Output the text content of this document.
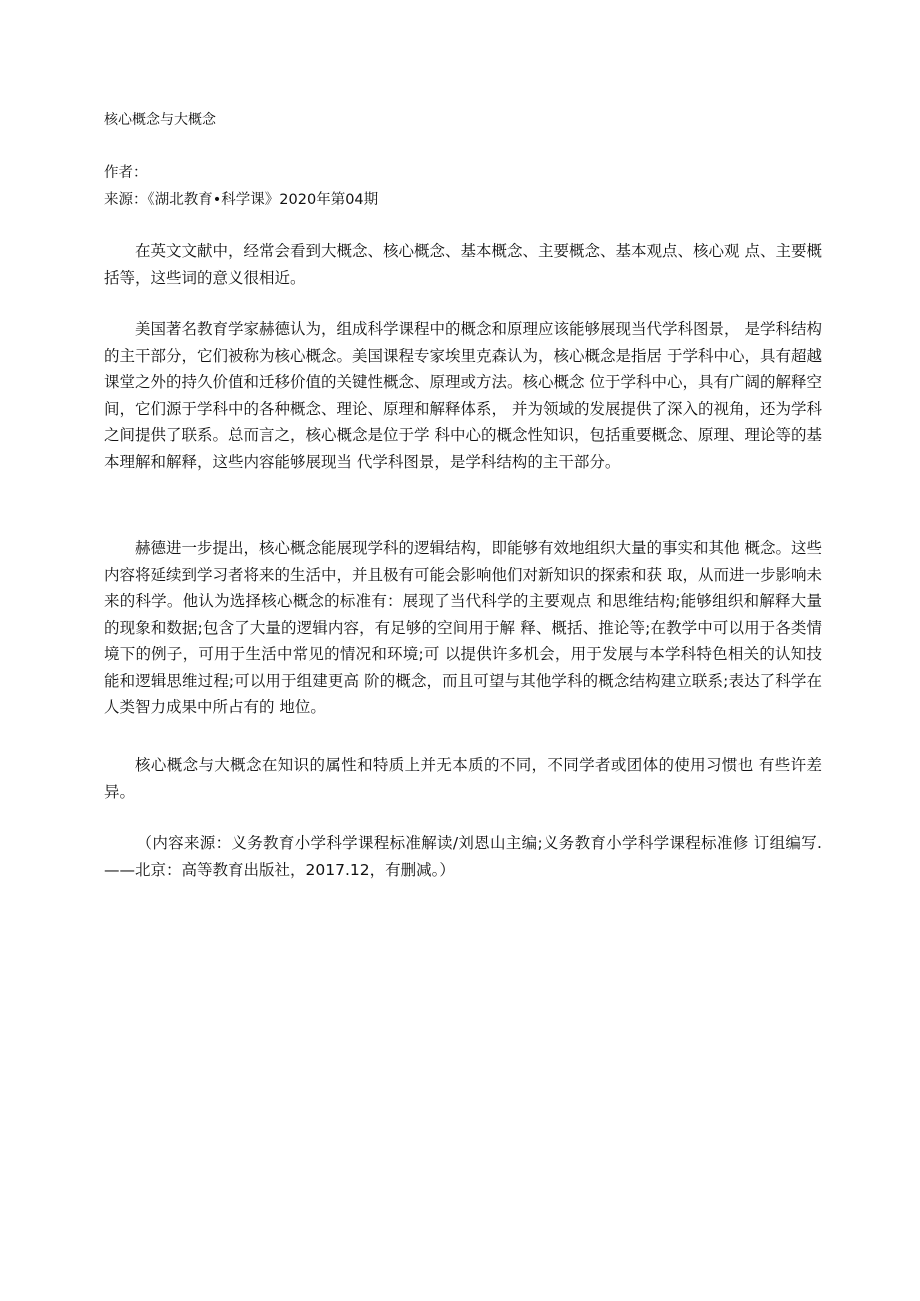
核心概念与大概念
作者：
来源：《湖北教育•科学课》2020年第04期

在英文文献中，经常会看到大概念、核心概念、基本概念、主要概念、基本观点、核心观 点、主要概括等，这些词的意义很相近。

美国著名教育学家赫德认为，组成科学课程中的概念和原理应该能够展现当代学科图景， 是学科结构的主干部分，它们被称为核心概念。美国课程专家埃里克森认为，核心概念是指居 于学科中心，具有超越课堂之外的持久价值和迁移价值的关键性概念、原理或方法。核心概念 位于学科中心，具有广阔的解释空间，它们源于学科中的各种概念、理论、原理和解释体系， 并为领域的发展提供了深入的视角，还为学科之间提供了联系。总而言之，核心概念是位于学 科中心的概念性知识，包括重要概念、原理、理论等的基本理解和解释，这些内容能够展现当 代学科图景，是学科结构的主干部分。

赫德进一步提出，核心概念能展现学科的逻辑结构，即能够有效地组织大量的事实和其他 概念。这些内容将延续到学习者将来的生活中，并且极有可能会影响他们对新知识的探索和获 取，从而进一步影响未来的科学。他认为选择核心概念的标准有：展现了当代科学的主要观点 和思维结构;能够组织和解释大量的现象和数据;包含了大量的逻辑内容，有足够的空间用于解 释、概括、推论等;在教学中可以用于各类情境下的例子，可用于生活中常见的情况和环境;可 以提供许多机会，用于发展与本学科特色相关的认知技能和逻辑思维过程;可以用于组建更高 阶的概念，而且可望与其他学科的概念结构建立联系;表达了科学在人类智力成果中所占有的 地位。

核心概念与大概念在知识的属性和特质上并无本质的不同，不同学者或团体的使用习惯也 有些许差异。

（内容来源：义务教育小学科学课程标准解读/刘恩山主编;义务教育小学科学课程标准修 订组编写.——北京：高等教育出版社，2017.12，有删减。）
